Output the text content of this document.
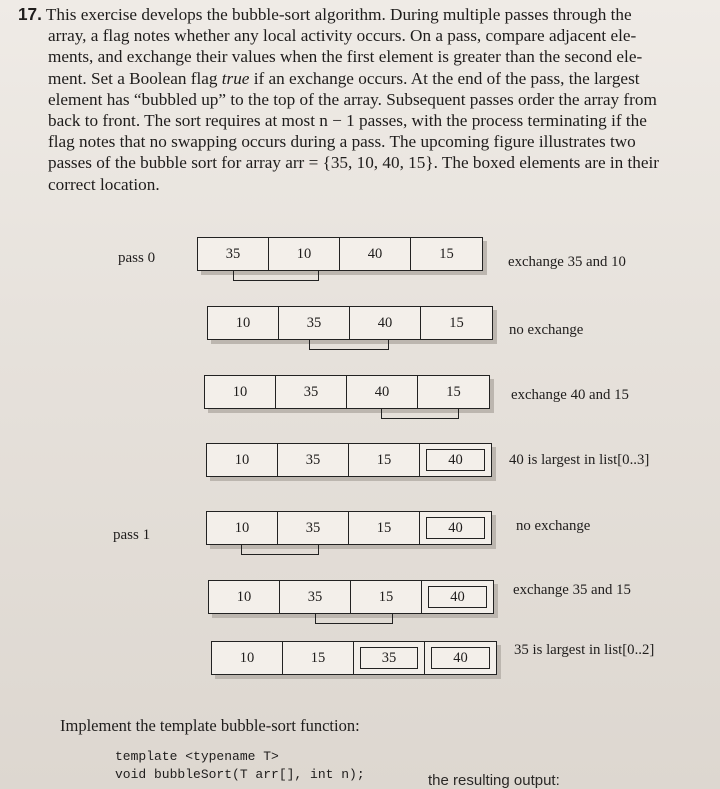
17. This exercise develops the bubble-sort algorithm. During multiple passes through the
array, a flag notes whether any local activity occurs. On a pass, compare adjacent ele-
ments, and exchange their values when the first element is greater than the second ele-
ment. Set a Boolean flag true if an exchange occurs. At the end of the pass, the largest
element has “bubbled up” to the top of the array. Subsequent passes order the array from
back to front. The sort requires at most n − 1 passes, with the process terminating if the
flag notes that no swapping occurs during a pass. The upcoming figure illustrates two
passes of the bubble sort for array arr = {35, 10, 40, 15}. The boxed elements are in their
correct location.
pass 0
pass 1
35	10	40	15
exchange 35 and 10
10	35	40	15	no exchange
10	35	40	15	exchange 40 and 15
10	35	15	40	40 is largest in list[0..3]
10	35	15	40	no exchange
10	35	15	40	exchange 35 and 15
10	15	35	40	35 is largest in list[0..2]
Implement the template bubble-sort function:
template <typename T>
void bubbleSort(T arr[], int n);	the resulting output:
